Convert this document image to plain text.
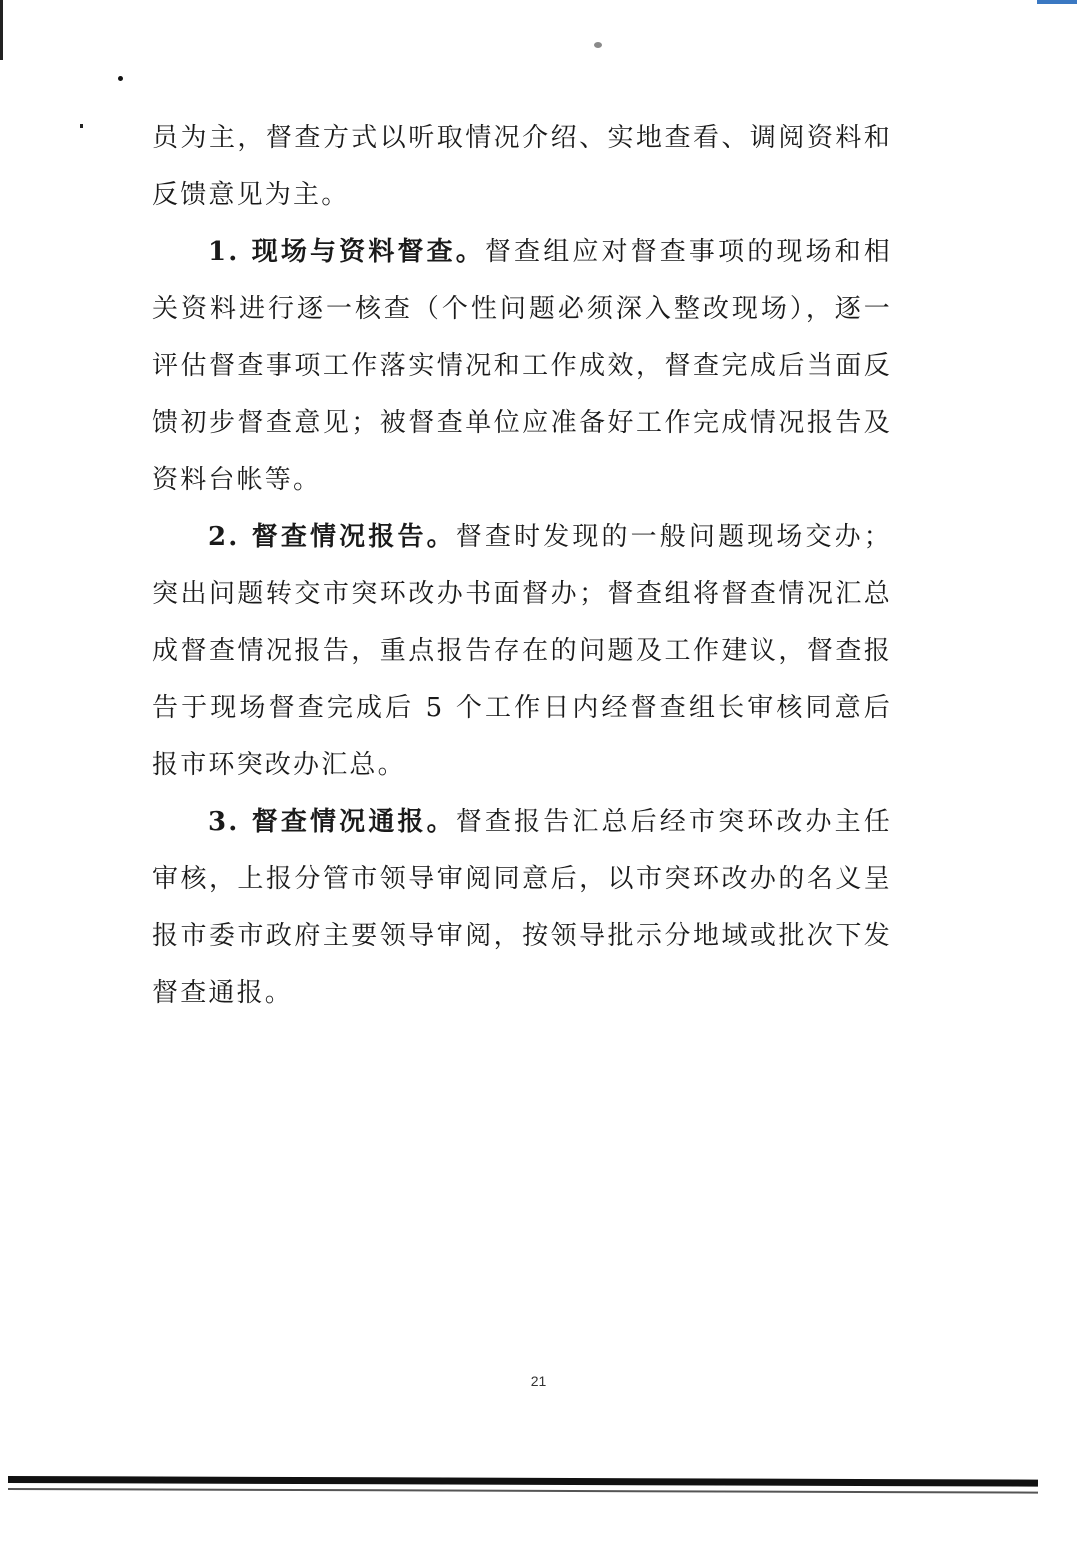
员为主，督查方式以听取情况介绍、实地查看、调阅资料和反馈意见为主。

1. 现场与资料督查。督查组应对督查事项的现场和相关资料进行逐一核查（个性问题必须深入整改现场），逐一评估督查事项工作落实情况和工作成效，督查完成后当面反馈初步督查意见；被督查单位应准备好工作完成情况报告及资料台帐等。

2. 督查情况报告。督查时发现的一般问题现场交办；突出问题转交市突环改办书面督办；督查组将督查情况汇总成督查情况报告，重点报告存在的问题及工作建议，督查报告于现场督查完成后 5 个工作日内经督查组长审核同意后报市环突改办汇总。

3. 督查情况通报。督查报告汇总后经市突环改办主任审核，上报分管市领导审阅同意后，以市突环改办的名义呈报市委市政府主要领导审阅，按领导批示分地域或批次下发督查通报。

21
